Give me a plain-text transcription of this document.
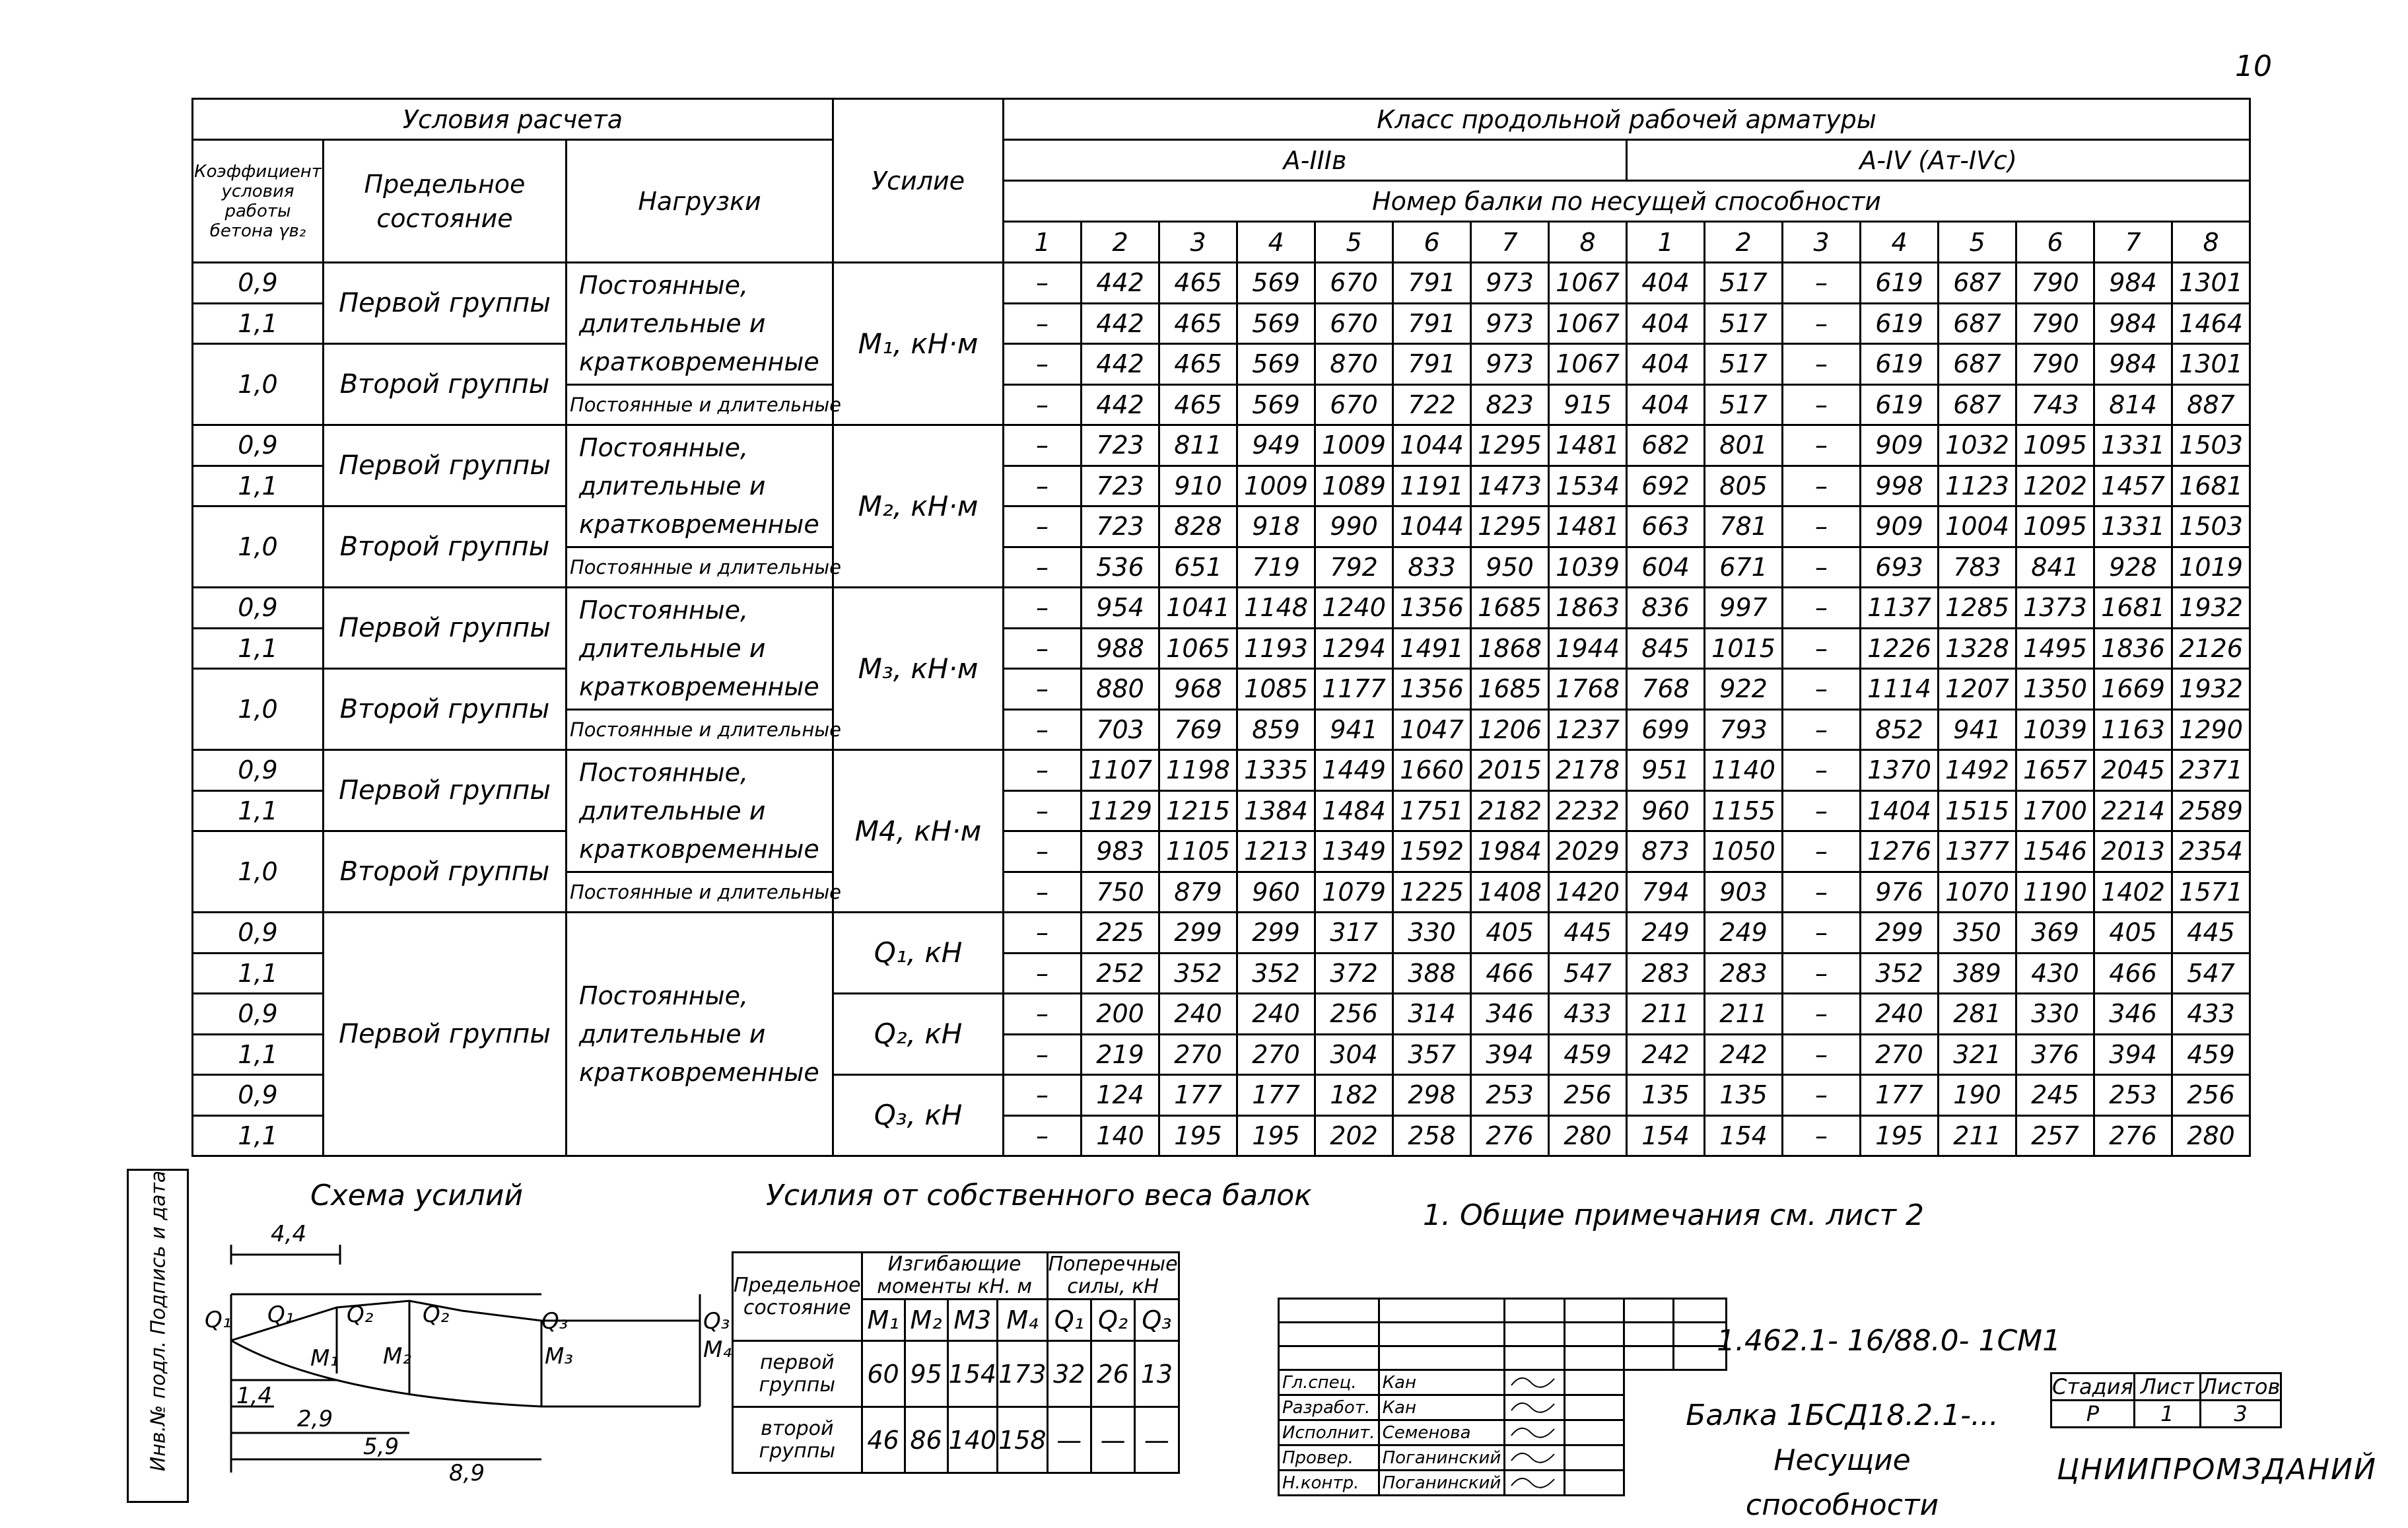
10
Условия расчета			Усилие	Класс продольной рабочей арматуры															
Коэффициент условия работы бетона γв₂	Предельное состояние	Нагрузки		А-IIIв								А-IV (Ат-IVс)							
				Номер балки по несущей способности															
				1	2	3	4	5	6	7	8	1	2	3	4	5	6	7	8
0,9	Первой группы	Постоянные, длительные и кратковременные	М₁, кН·м	–	442	465	569	670	791	973	1067	404	517	–	619	687	790	984	1301
1,1				–	442	465	569	670	791	973	1067	404	517	–	619	687	790	984	1464
1,0	Второй группы			–	442	465	569	870	791	973	1067	404	517	–	619	687	790	984	1301
		Постоянные и длительные		–	442	465	569	670	722	823	915	404	517	–	619	687	743	814	887
0,9	Первой группы	Постоянные, длительные и кратковременные	М₂, кН·м	–	723	811	949	1009	1044	1295	1481	682	801	–	909	1032	1095	1331	1503
1,1				–	723	910	1009	1089	1191	1473	1534	692	805	–	998	1123	1202	1457	1681
1,0	Второй группы			–	723	828	918	990	1044	1295	1481	663	781	–	909	1004	1095	1331	1503
		Постоянные и длительные		–	536	651	719	792	833	950	1039	604	671	–	693	783	841	928	1019
0,9	Первой группы	Постоянные, длительные и кратковременные	М₃, кН·м	–	954	1041	1148	1240	1356	1685	1863	836	997	–	1137	1285	1373	1681	1932
1,1				–	988	1065	1193	1294	1491	1868	1944	845	1015	–	1226	1328	1495	1836	2126
1,0	Второй группы			–	880	968	1085	1177	1356	1685	1768	768	922	–	1114	1207	1350	1669	1932
		Постоянные и длительные		–	703	769	859	941	1047	1206	1237	699	793	–	852	941	1039	1163	1290
0,9	Первой группы	Постоянные, длительные и кратковременные	М4, кН·м	–	1107	1198	1335	1449	1660	2015	2178	951	1140	–	1370	1492	1657	2045	2371
1,1				–	1129	1215	1384	1484	1751	2182	2232	960	1155	–	1404	1515	1700	2214	2589
1,0	Второй группы			–	983	1105	1213	1349	1592	1984	2029	873	1050	–	1276	1377	1546	2013	2354
		Постоянные и длительные		–	750	879	960	1079	1225	1408	1420	794	903	–	976	1070	1190	1402	1571
0,9	Первой группы	Постоянные, длительные и кратковременные	Q₁, кН	–	225	299	299	317	330	405	445	249	249	–	299	350	369	405	445
1,1				–	252	352	352	372	388	466	547	283	283	–	352	389	430	466	547
0,9			Q₂, кН	–	200	240	240	256	314	346	433	211	211	–	240	281	330	346	433
1,1				–	219	270	270	304	357	394	459	242	242	–	270	321	376	394	459
0,9			Q₃, кН	–	124	177	177	182	298	253	256	135	135	–	177	190	245	253	256
1,1				–	140	195	195	202	258	276	280	154	154	–	195	211	257	276	280
Инв.№ подл. Подпись и дата	Схема усилий	Усилия от собственного веса балок
1. Общие примечания см. лист 2
4,4
Q₁ Q₁ Q₂ Q₂	Q₃	Q₃
M₄
M₁ M₂	M₃
1,4
2,9
5,9
8,9
Предельное состояние	Изгибающие моменты кН. м				Поперечные силы, кН		
	M₁	M₂	M3	M₄	Q₁	Q₂	Q₃
первой группы	60	95	154	173	32	26	13
второй группы	46	86	140	158	—	—	—

Гл.спец.	Кан		
Разработ.	Кан		
Исполнит.	Семенова		
Провер.	Поганинский		
Н.контр.	Поганинский		
1.462.1- 16/88.0- 1СМ1
Балка 1БСД18.2.1-...
Несущие способности
Стадия	Лист	Листов
Р	1	3
ЦНИИПРОМЗДАНИЙ
